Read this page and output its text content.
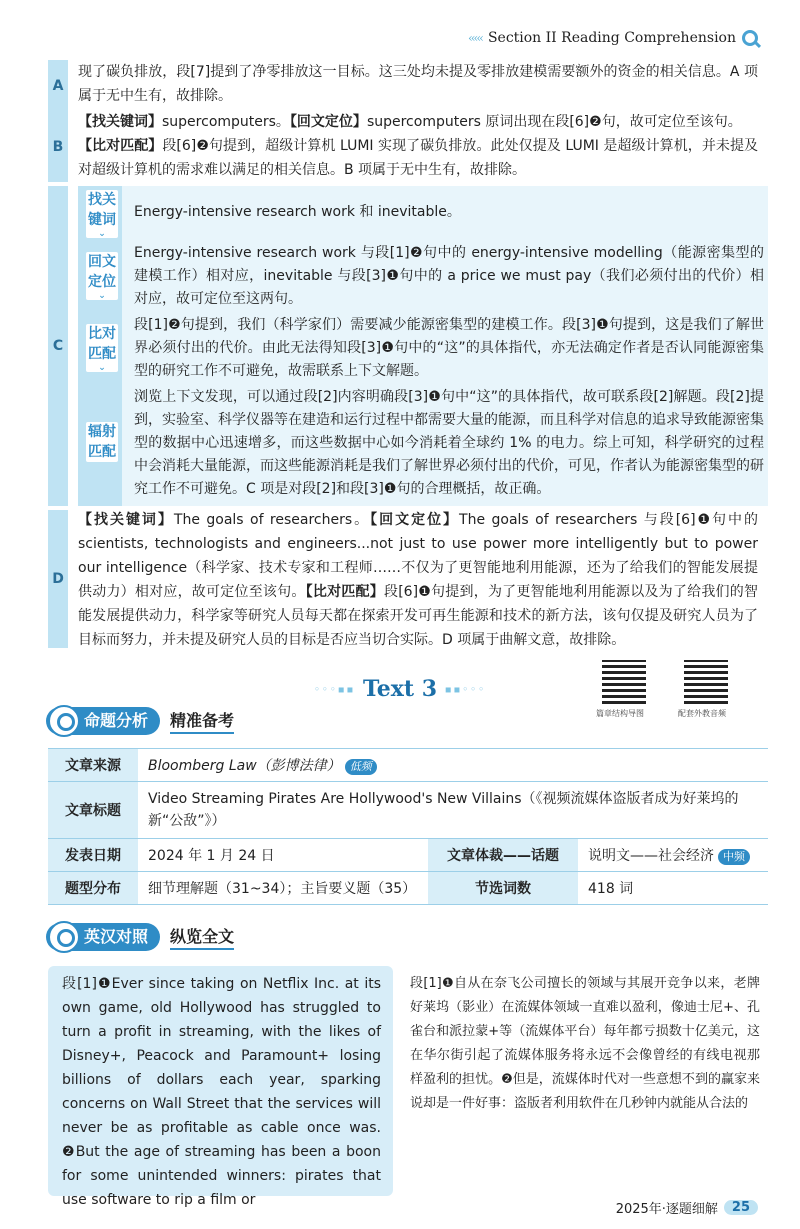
‹‹‹‹‹ Section II Reading Comprehension
A
现了碳负排放，段[7]提到了净零排放这一目标。这三处均未提及零排放建模需要额外的资金的相关信息。A 项属于无中生有，故排除。
B
【找关键词】supercomputers。【回文定位】supercomputers 原词出现在段[6]❷句，故可定位至该句。
【比对匹配】段[6]❷句提到，超级计算机 LUMI 实现了碳负排放。此处仅提及 LUMI 是超级计算机，并未提及对超级计算机的需求难以满足的相关信息。B 项属于无中生有，故排除。
C
找关键词
⌄
Energy-intensive research work 和 inevitable。
回文定位
⌄
Energy-intensive research work 与段[1]❷句中的 energy-intensive modelling（能源密集型的建模工作）相对应，inevitable 与段[3]❶句中的 a price we must pay（我们必须付出的代价）相对应，故可定位至这两句。
比对匹配
⌄
段[1]❷句提到，我们（科学家们）需要减少能源密集型的建模工作。段[3]❶句提到，这是我们了解世界必须付出的代价。由此无法得知段[3]❶句中的“这”的具体指代，亦无法确定作者是否认同能源密集型的研究工作不可避免，故需联系上下文解题。
辐射匹配
浏览上下文发现，可以通过段[2]内容明确段[3]❶句中“这”的具体指代，故可联系段[2]解题。段[2]提到，实验室、科学仪器等在建造和运行过程中都需要大量的能源，而且科学对信息的追求导致能源密集型的数据中心迅速增多，而这些数据中心如今消耗着全球约 1% 的电力。综上可知，科学研究的过程中会消耗大量能源，而这些能源消耗是我们了解世界必须付出的代价，可见，作者认为能源密集型的研究工作不可避免。C 项是对段[2]和段[3]❶句的合理概括，故正确。
D
【找关键词】The goals of researchers。【回文定位】The goals of researchers 与段[6]❶句中的 scientists, technologists and engineers...not just to use power more intelligently but to power our intelligence（科学家、技术专家和工程师……不仅为了更智能地利用能源，还为了给我们的智能发展提供动力）相对应，故可定位至该句。【比对匹配】段[6]❶句提到，为了更智能地利用能源以及为了给我们的智能发展提供动力，科学家等研究人员每天都在探索开发可再生能源和技术的新方法，该句仅提及研究人员为了目标而努力，并未提及研究人员的目标是否应当切合实际。D 项属于曲解文意，故排除。
◦◦◦▪▪ Text 3 ▪▪◦◦◦
篇章结构导图	配套外教音频
命题分析	精准备考
文章来源	Bloomberg Law（彭博法律） 低频		
文章标题	Video Streaming Pirates Are Hollywood's New Villains（《视频流媒体盗版者成为好莱坞的新“公敌”》）		
发表日期	2024 年 1 月 24 日	文章体裁——话题	说明文——社会经济 中频
题型分布	细节理解题（31~34）；主旨要义题（35）	节选词数	418 词
英汉对照	纵览全文
段[1]❶Ever since taking on Netflix Inc. at its own game, old Hollywood has struggled to turn a profit in streaming, with the likes of Disney+, Peacock and Paramount+ losing billions of dollars each year, sparking concerns on Wall Street that the services will never be as profitable as cable once was. ❷But the age of streaming has been a boon for some unintended winners: pirates that use software to rip a film or
段[1]❶自从在奈飞公司擅长的领域与其展开竞争以来，老牌好莱坞（影业）在流媒体领域一直难以盈利，像迪士尼+、孔雀台和派拉蒙+等（流媒体平台）每年都亏损数十亿美元，这在华尔街引起了流媒体服务将永远不会像曾经的有线电视那样盈利的担忧。❷但是，流媒体时代对一些意想不到的赢家来说却是一件好事：盗版者利用软件在几秒钟内就能从合法的
2025年·逐题细解	25
